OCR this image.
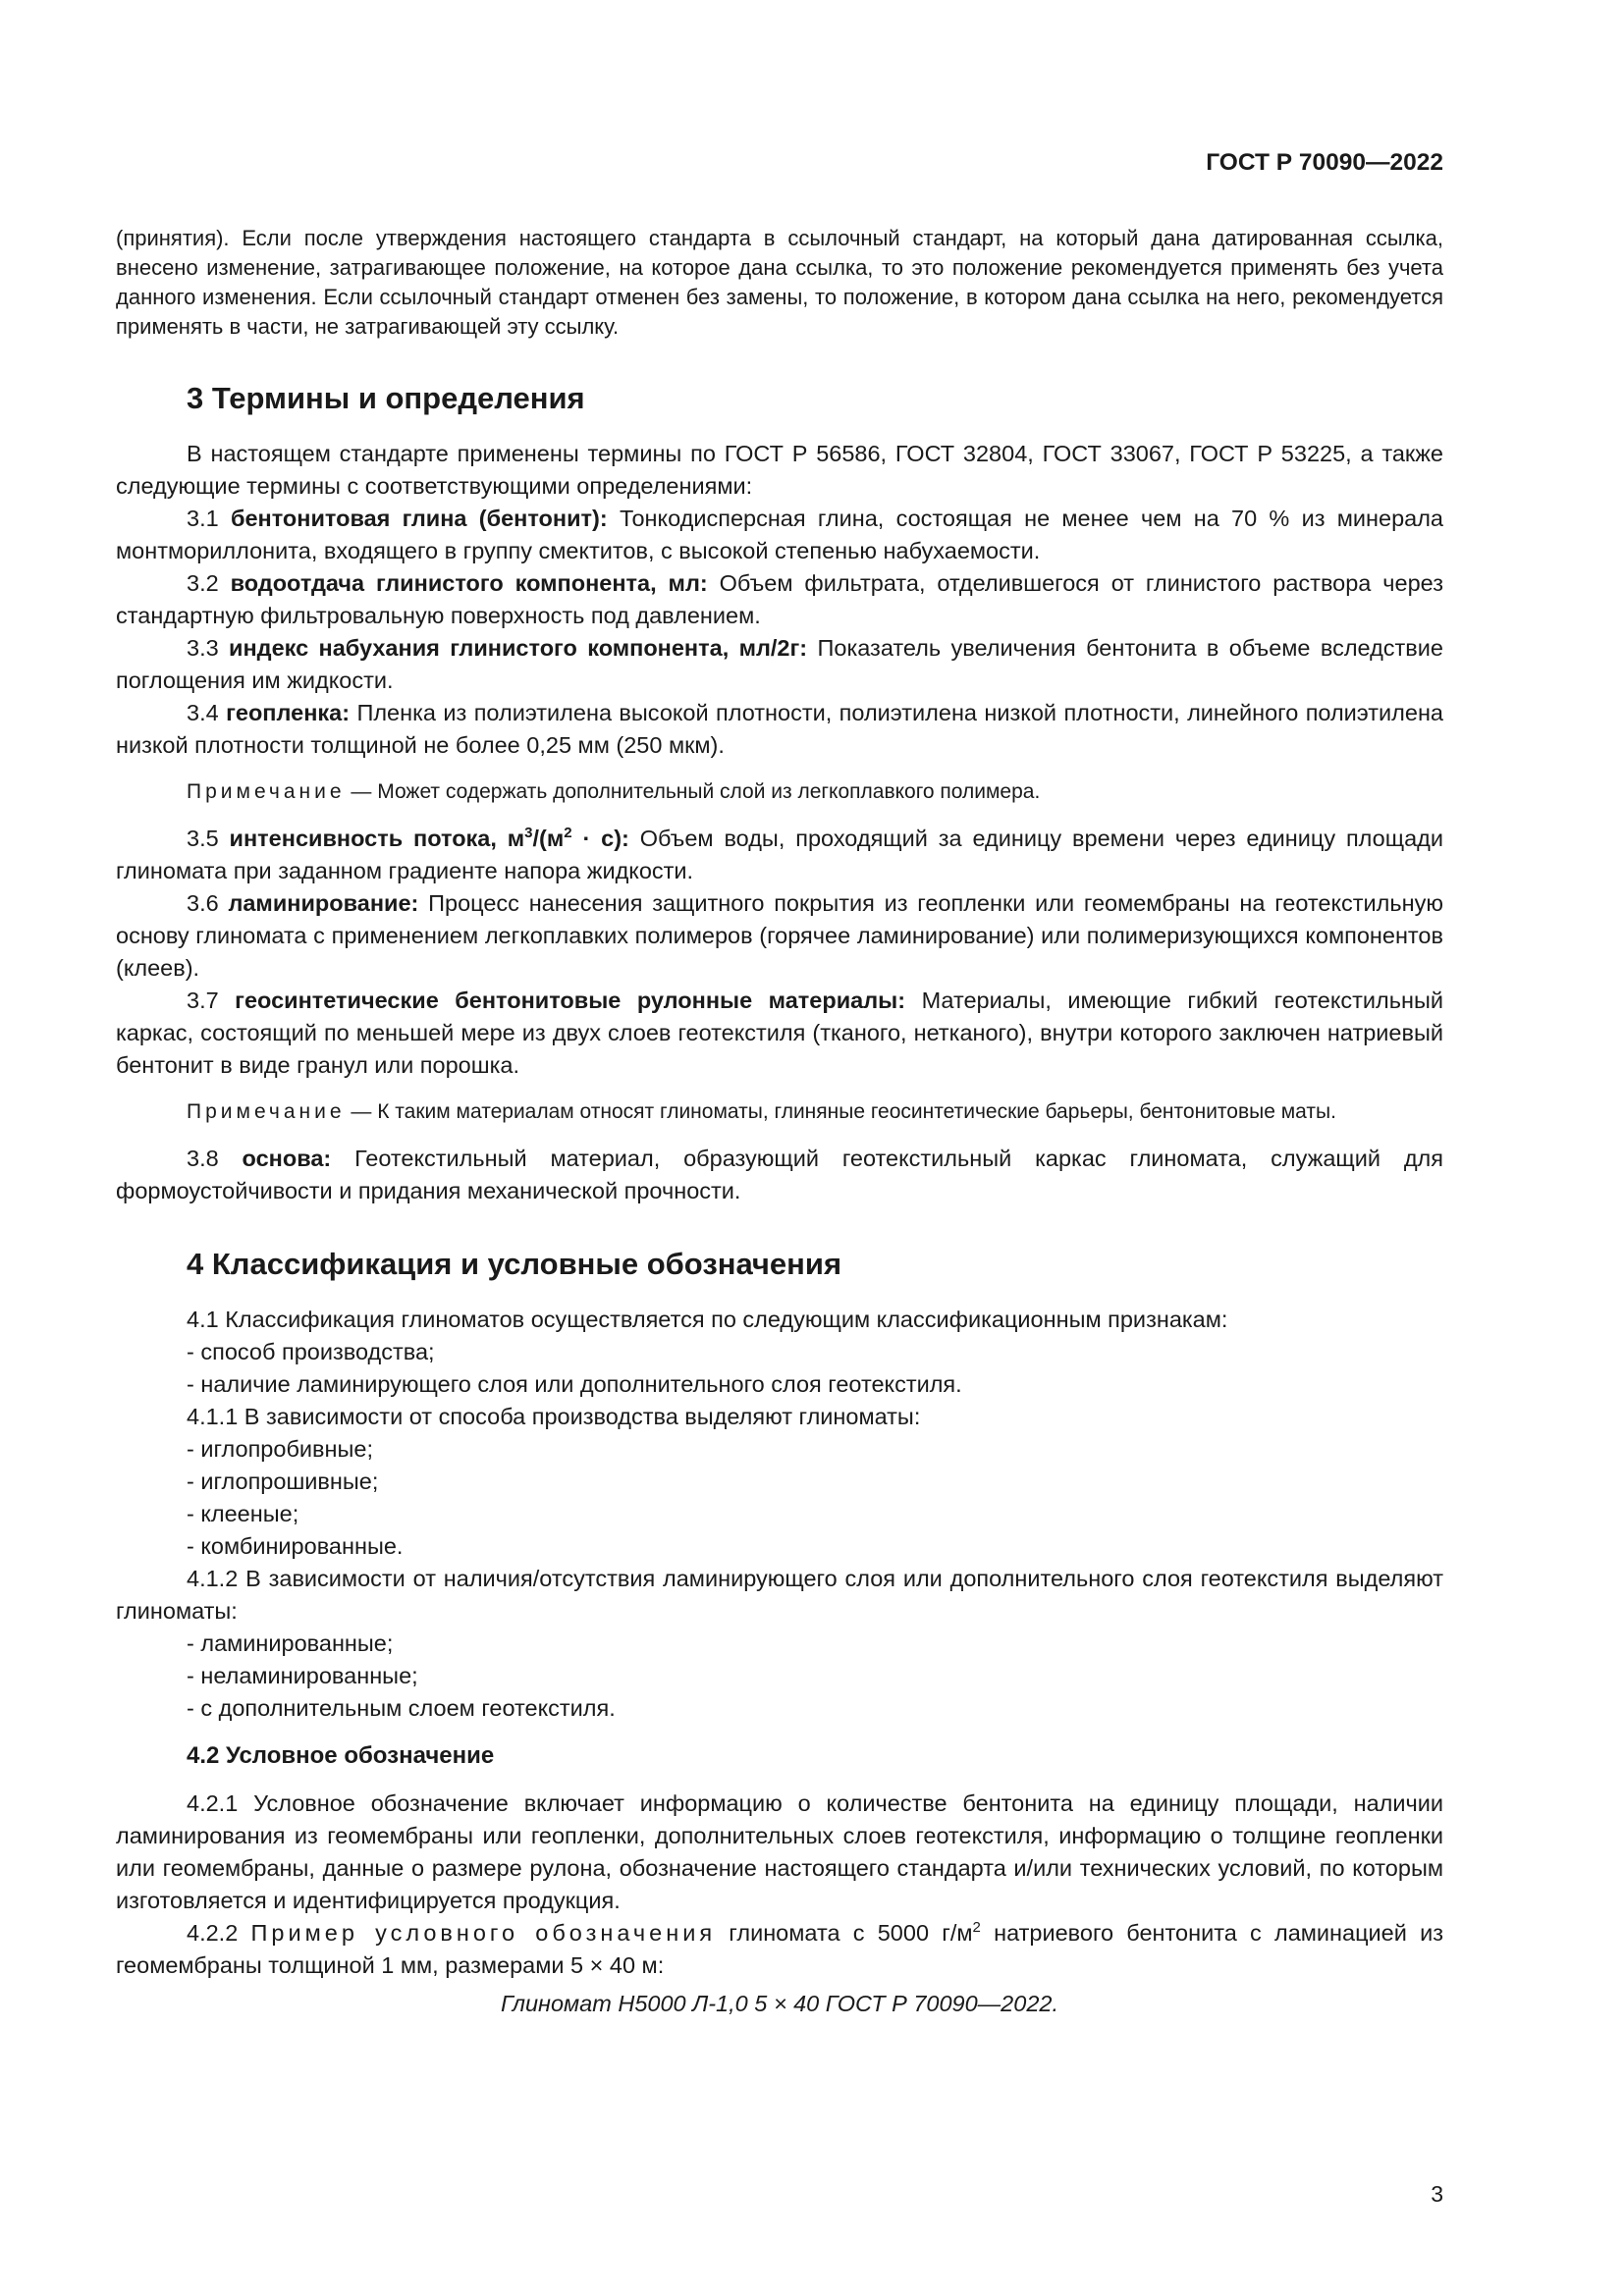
ГОСТ Р 70090—2022

(принятия). Если после утверждения настоящего стандарта в ссылочный стандарт, на который дана датированная ссылка, внесено изменение, затрагивающее положение, на которое дана ссылка, то это положение рекомендуется применять без учета данного изменения. Если ссылочный стандарт отменен без замены, то положение, в котором дана ссылка на него, рекомендуется применять в части, не затрагивающей эту ссылку.

3 Термины и определения

В настоящем стандарте применены термины по ГОСТ Р 56586, ГОСТ 32804, ГОСТ 33067, ГОСТ Р 53225, а также следующие термины с соответствующими определениями:

3.1 бентонитовая глина (бентонит): Тонкодисперсная глина, состоящая не менее чем на 70 % из минерала монтмориллонита, входящего в группу смектитов, с высокой степенью набухаемости.

3.2 водоотдача глинистого компонента, мл: Объем фильтрата, отделившегося от глинистого раствора через стандартную фильтровальную поверхность под давлением.

3.3 индекс набухания глинистого компонента, мл/2г: Показатель увеличения бентонита в объеме вследствие поглощения им жидкости.

3.4 геопленка: Пленка из полиэтилена высокой плотности, полиэтилена низкой плотности, линейного полиэтилена низкой плотности толщиной не более 0,25 мм (250 мкм).

Примечание — Может содержать дополнительный слой из легкоплавкого полимера.

3.5 интенсивность потока, $м^3/(м^2 \cdot с)$: Объем воды, проходящий за единицу времени через единицу площади глиномата при заданном градиенте напора жидкости.

3.6 ламинирование: Процесс нанесения защитного покрытия из геопленки или геомембраны на геотекстильную основу глиномата с применением легкоплавких полимеров (горячее ламинирование) или полимеризующихся компонентов (клеев).

3.7 геосинтетические бентонитовые рулонные материалы: Материалы, имеющие гибкий геотекстильный каркас, состоящий по меньшей мере из двух слоев геотекстиля (тканого, нетканого), внутри которого заключен натриевый бентонит в виде гранул или порошка.

Примечание — К таким материалам относят глиноматы, глиняные геосинтетические барьеры, бентонитовые маты.

3.8 основа: Геотекстильный материал, образующий геотекстильный каркас глиномата, служащий для формоустойчивости и придания механической прочности.

4 Классификация и условные обозначения

4.1 Классификация глиноматов осуществляется по следующим классификационным признакам:

- способ производства;
- наличие ламинирующего слоя или дополнительного слоя геотекстиля.

4.1.1 В зависимости от способа производства выделяют глиноматы:

- иглопробивные;
- иглопрошивные;
- клееные;
- комбинированные.

4.1.2 В зависимости от наличия/отсутствия ламинирующего слоя или дополнительного слоя геотекстиля выделяют глиноматы:

- ламинированные;
- неламинированные;
- с дополнительным слоем геотекстиля.
4.2 Условное обозначение

4.2.1 Условное обозначение включает информацию о количестве бентонита на единицу площади, наличии ламинирования из геомембраны или геопленки, дополнительных слоев геотекстиля, информацию о толщине геопленки или геомембраны, данные о размере рулона, обозначение настоящего стандарта и/или технических условий, по которым изготовляется и идентифицируется продукция.

4.2.2 Пример условного обозначения глиномата с 5000 $г/м^2$ натриевого бентонита с ламинацией из геомембраны толщиной 1 мм, размерами 5 × 40 м:

Глиномат Н5000 Л-1,0 5 × 40 ГОСТ Р 70090—2022.
3
